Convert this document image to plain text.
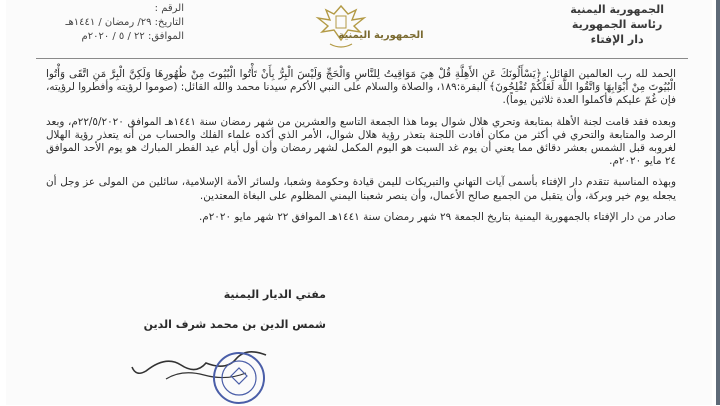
الجمهورية اليمنية
رئاسة الجمهورية
دار الإفتاء
الجمهورية اليمنية
الرقم :
التاريخ: ٢٩/ رمضان / ١٤٤١هـ
الموافق: ٢٢ / ٥ / ٢٠٢٠م

الحمد لله رب العالمين القائل: ﴿يَسْأَلُونَكَ عَنِ الأَهِلَّةِ قُلْ هِيَ مَوَاقِيتُ لِلنَّاسِ وَالْحَجِّ وَلَيْسَ الْبِرُّ بِأَنْ تَأْتُوا الْبُيُوتَ مِنْ ظُهُورِهَا وَلَكِنَّ الْبِرَّ مَنِ اتَّقَى وَأْتُوا الْبُيُوتَ مِنْ أَبْوَابِهَا وَاتَّقُوا اللَّهَ لَعَلَّكُمْ تُفْلِحُونَ﴾ البقرة:١٨٩، والصلاة والسلام على النبي الأكرم سيدنا محمد والله القائل: (صوموا لرؤيته وأفطروا لرؤيته، فإن غُمّ عليكم فأكملوا العدة ثلاثين يوماً).

وبعده فقد قامت لجنة الأهلة بمتابعة وتحري هلال شوال يوما هذا الجمعة التاسع والعشرين من شهر رمضان سنة ١٤٤١هـ الموافق ٢٢/٥/٢٠٢٠م، وبعد الرصد والمتابعة والتحري في أكثر من مكان أفادت اللجنة بتعذر رؤية هلال شوال، الأمر الذي أكده علماء الفلك والحساب من أنه يتعذر رؤية الهلال لغروبه قبل الشمس بعشر دقائق مما يعني أن يوم غد السبت هو اليوم المكمل لشهر رمضان وأن أول أيام عيد الفطر المبارك هو يوم الأحد الموافق ٢٤ مايو ٢٠٢٠م.

وبهذه المناسبة تتقدم دار الإفتاء بأسمى آيات التهاني والتبريكات لليمن قيادة وحكومة وشعبا، ولسائر الأمة الإسلامية، سائلين من المولى عز وجل أن يجعله يوم خير وبركة، وأن يتقبل من الجميع صالح الأعمال، وأن ينصر شعبنا اليمني المظلوم على البغاة المعتدين.

صادر من دار الإفتاء بالجمهورية اليمنية بتاريخ الجمعة ٢٩ شهر رمضان سنة ١٤٤١هـ الموافق ٢٢ شهر مايو ٢٠٢٠م.

مفتي الديار اليمنية
شمس الدين بن محمد شرف الدين
